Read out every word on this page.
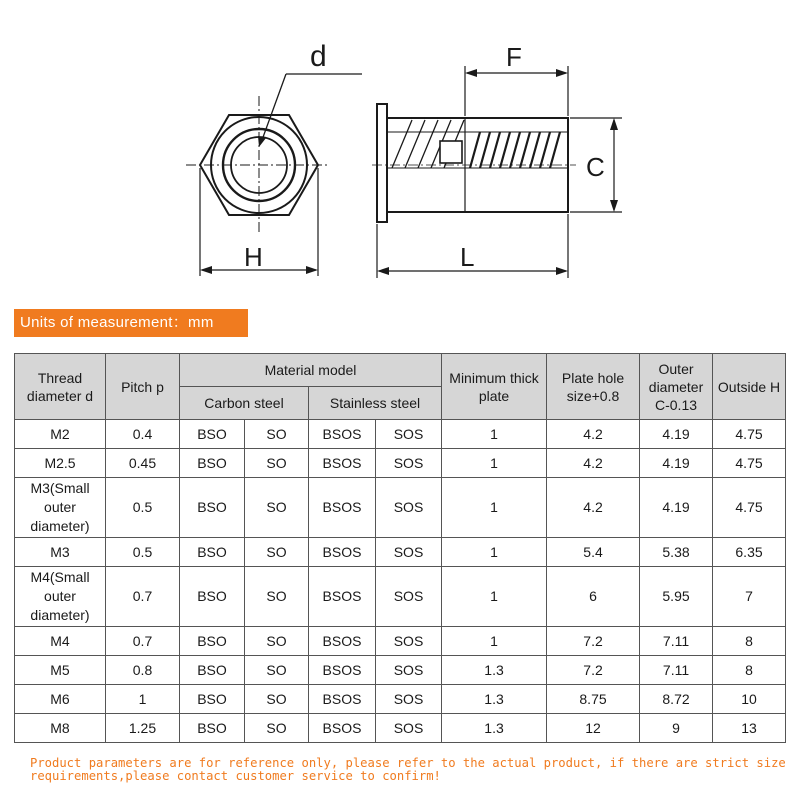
d
H
F
C
L
Units of measurement：mm
Thread diameter d	Pitch p	Material model				Minimum thick plate	Plate hole size+0.8	Outer diameter C-0.13	Outside H
		Carbon steel		Stainless steel					
M2	0.4	BSO	SO	BSOS	SOS	1	4.2	4.19	4.75
M2.5	0.45	BSO	SO	BSOS	SOS	1	4.2	4.19	4.75
M3(Small outer diameter)	0.5	BSO	SO	BSOS	SOS	1	4.2	4.19	4.75
M3	0.5	BSO	SO	BSOS	SOS	1	5.4	5.38	6.35
M4(Small outer diameter)	0.7	BSO	SO	BSOS	SOS	1	6	5.95	7
M4	0.7	BSO	SO	BSOS	SOS	1	7.2	7.11	8
M5	0.8	BSO	SO	BSOS	SOS	1.3	7.2	7.11	8
M6	1	BSO	SO	BSOS	SOS	1.3	8.75	8.72	10
M8	1.25	BSO	SO	BSOS	SOS	1.3	12	9	13
Product parameters are for reference only, please refer to the actual product, if there are strict size requirements,please contact customer service to confirm!
